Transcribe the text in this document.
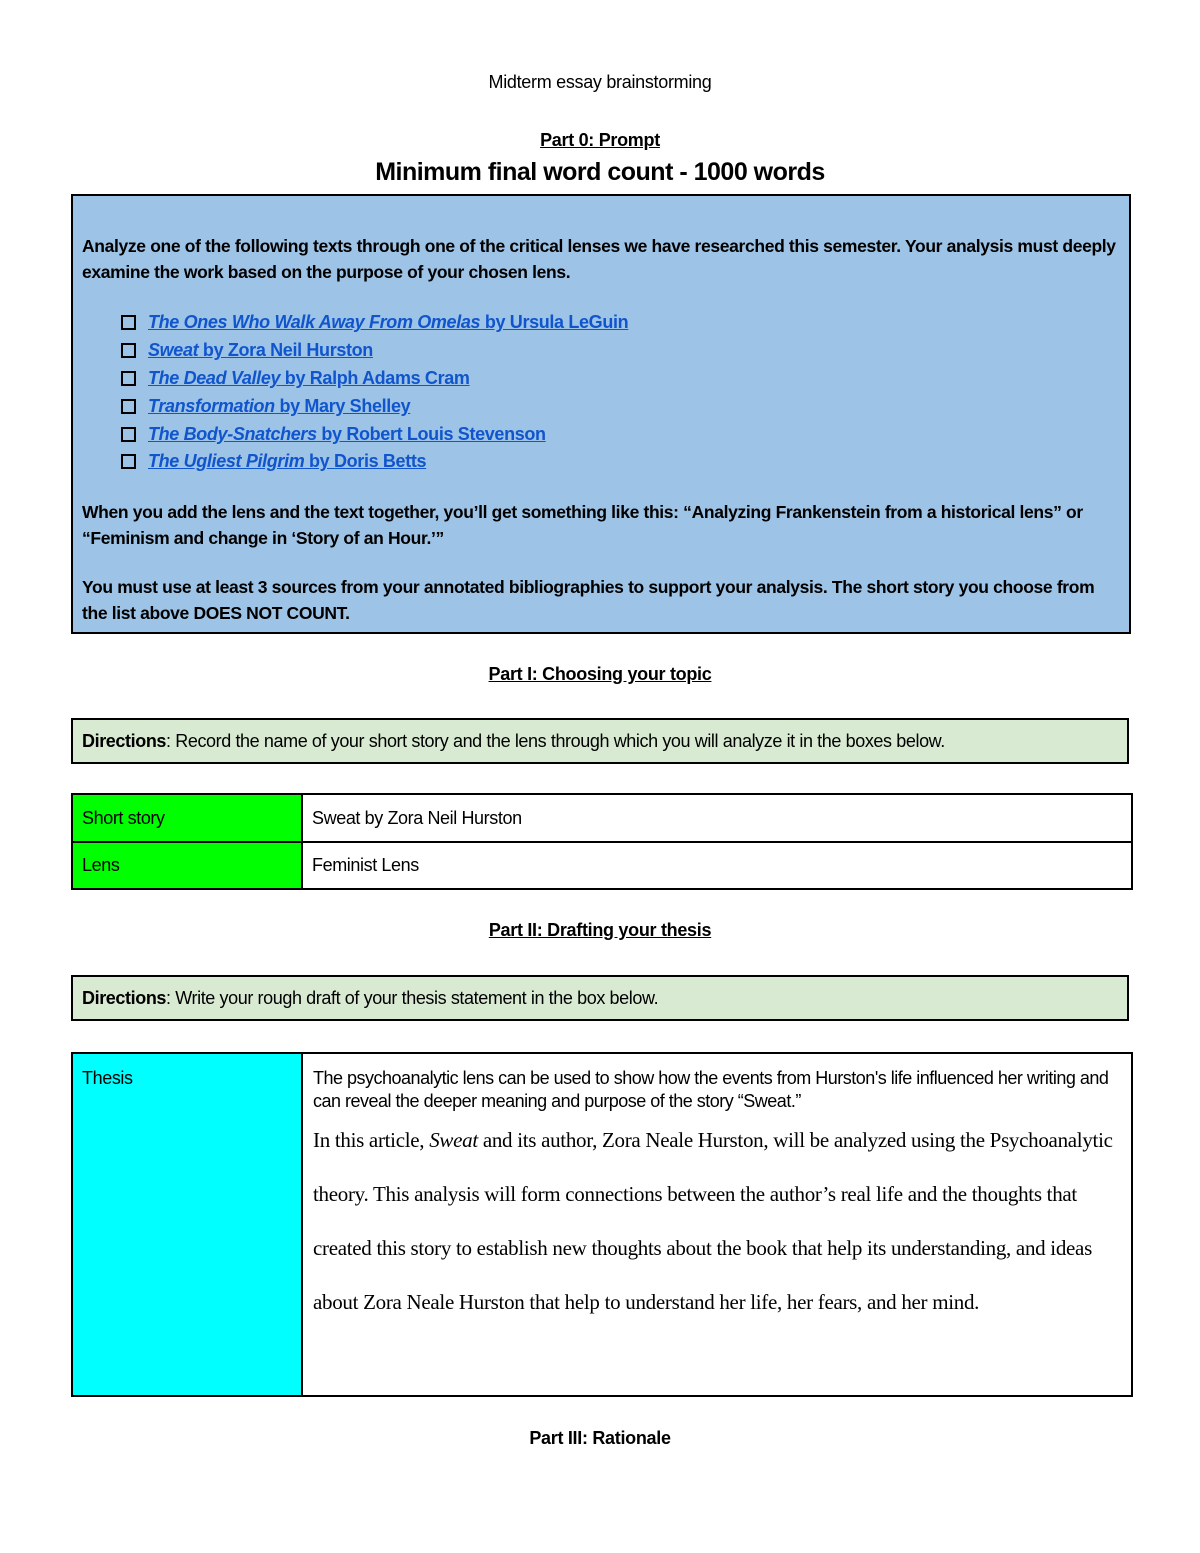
Midterm essay brainstorming
Part 0: Prompt
Minimum final word count - 1000 words
Analyze one of the following texts through one of the critical lenses we have researched this semester. Your analysis must deeply examine the work based on the purpose of your chosen lens.
The Ones Who Walk Away From Omelas by Ursula LeGuin
Sweat by Zora Neil Hurston
The Dead Valley by Ralph Adams Cram
Transformation by Mary Shelley
The Body-Snatchers by Robert Louis Stevenson
The Ugliest Pilgrim by Doris Betts
When you add the lens and the text together, you’ll get something like this: “Analyzing Frankenstein from a historical lens” or “Feminism and change in ‘Story of an Hour.’”
You must use at least 3 sources from your annotated bibliographies to support your analysis. The short story you choose from the list above DOES NOT COUNT.
Part I: Choosing your topic
Directions: Record the name of your short story and the lens through which you will analyze it in the boxes below.
Short story	Sweat by Zora Neil Hurston
Lens	Feminist Lens
Part II: Drafting your thesis
Directions: Write your rough draft of your thesis statement in the box below.
Thesis	The psychoanalytic lens can be used to show how the events from Hurston's life influenced her writing and can reveal the deeper meaning and purpose of the story “Sweat.”
In this article, Sweat and its author, Zora Neale Hurston, will be analyzed using the Psychoanalytic theory. This analysis will form connections between the author’s real life and the thoughts that created this story to establish new thoughts about the book that help its understanding, and ideas about Zora Neale Hurston that help to understand her life, her fears, and her mind.
Part III: Rationale
